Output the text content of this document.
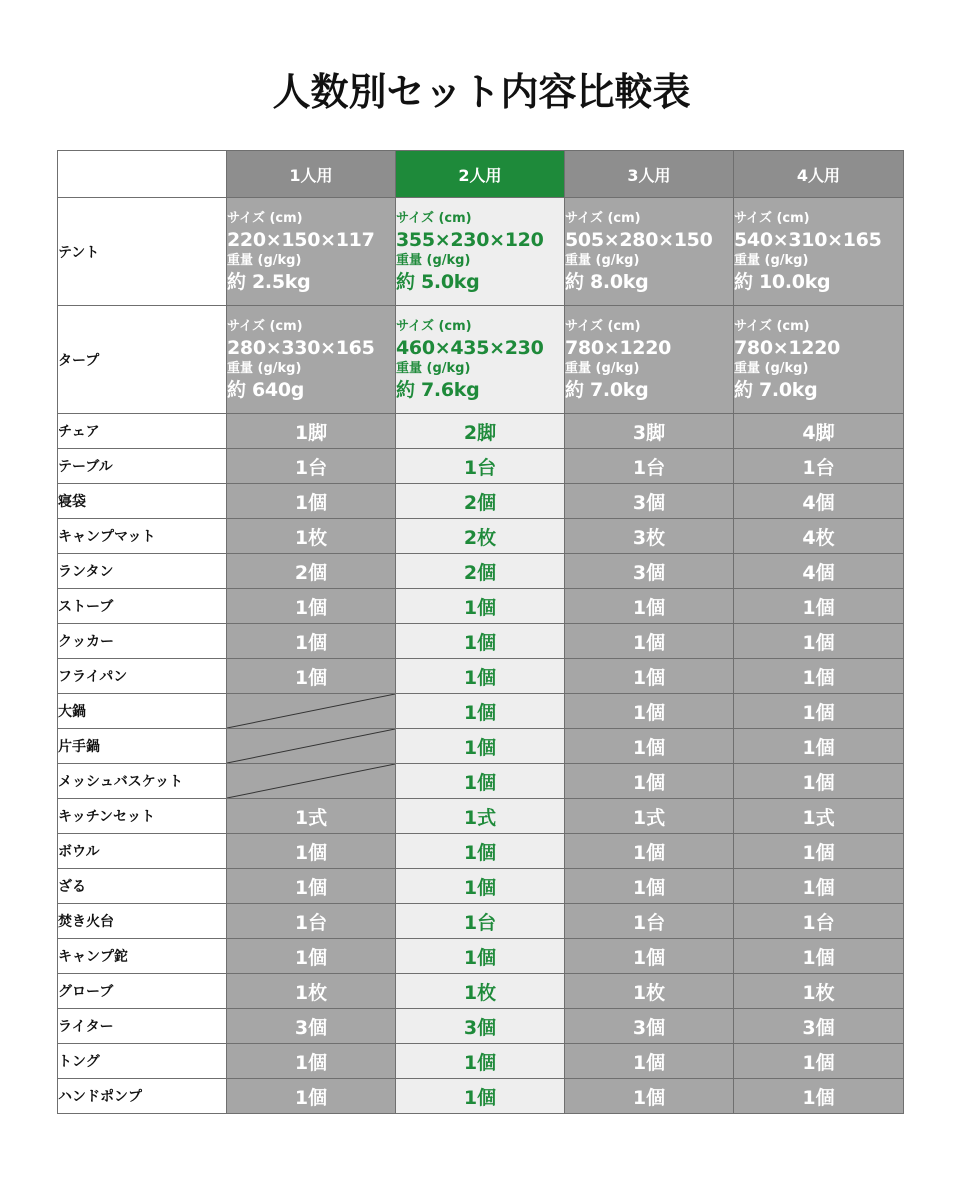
人数別セット内容比較表
	1人用	2人用	3人用	4人用
テント	サイズ (cm)
220×150×117
重量 (g/kg)
約 2.5kg	サイズ (cm)
355×230×120
重量 (g/kg)
約 5.0kg	サイズ (cm)
505×280×150
重量 (g/kg)
約 8.0kg	サイズ (cm)
540×310×165
重量 (g/kg)
約 10.0kg

タープ	サイズ (cm)
280×330×165
重量 (g/kg)
約 640g	サイズ (cm)
460×435×230
重量 (g/kg)
約 7.6kg	サイズ (cm)
780×1220
重量 (g/kg)
約 7.0kg	サイズ (cm)
780×1220
重量 (g/kg)
約 7.0kg

チェア	1脚	2脚	3脚	4脚
テーブル	1台	1台	1台	1台
寝袋	1個	2個	3個	4個
キャンプマット	1枚	2枚	3枚	4枚
ランタン	2個	2個	3個	4個
ストーブ	1個	1個	1個	1個
クッカー	1個	1個	1個	1個
フライパン	1個	1個	1個	1個
大鍋		1個	1個	1個
片手鍋		1個	1個	1個
メッシュバスケット		1個	1個	1個
キッチンセット	1式	1式	1式	1式
ボウル	1個	1個	1個	1個
ざる	1個	1個	1個	1個
焚き火台	1台	1台	1台	1台
キャンプ鉈	1個	1個	1個	1個
グローブ	1枚	1枚	1枚	1枚
ライター	3個	3個	3個	3個
トング	1個	1個	1個	1個
ハンドポンプ	1個	1個	1個	1個
